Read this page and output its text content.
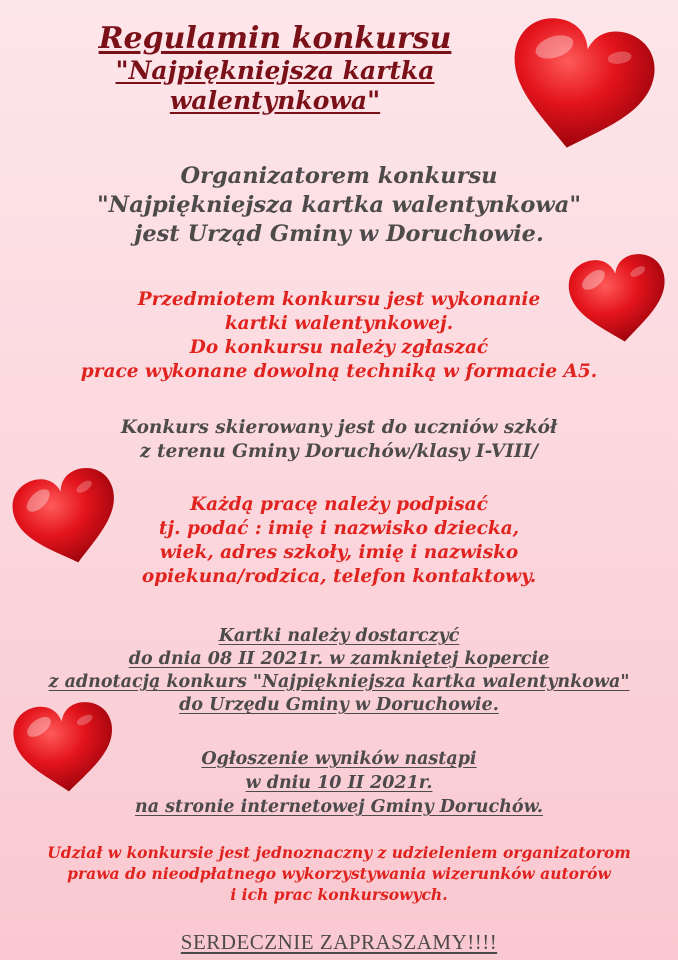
Regulamin konkursu
"Najpiękniejsza kartka
walentynkowa"
Organizatorem konkursu
"Najpiękniejsza kartka walentynkowa"
jest Urząd Gminy w Doruchowie.
Przedmiotem konkursu jest wykonanie
kartki walentynkowej.
Do konkursu należy zgłaszać
prace wykonane dowolną techniką w formacie A5.
Konkurs skierowany jest do uczniów szkół
z terenu Gminy Doruchów/klasy I-VIII/
Każdą pracę należy podpisać
tj. podać : imię i nazwisko dziecka,
wiek, adres szkoły, imię i nazwisko
opiekuna/rodzica, telefon kontaktowy.
Kartki należy dostarczyć
do dnia 08 II 2021r. w zamkniętej kopercie
z adnotacją konkurs "Najpiękniejsza kartka walentynkowa"
do Urzędu Gminy w Doruchowie.
Ogłoszenie wyników nastąpi
w dniu 10 II 2021r.
na stronie internetowej Gminy Doruchów.
Udział w konkursie jest jednoznaczny z udzieleniem organizatorom
prawa do nieodpłatnego wykorzystywania wizerunków autorów
i ich prac konkursowych.
SERDECZNIE ZAPRASZAMY!!!!
